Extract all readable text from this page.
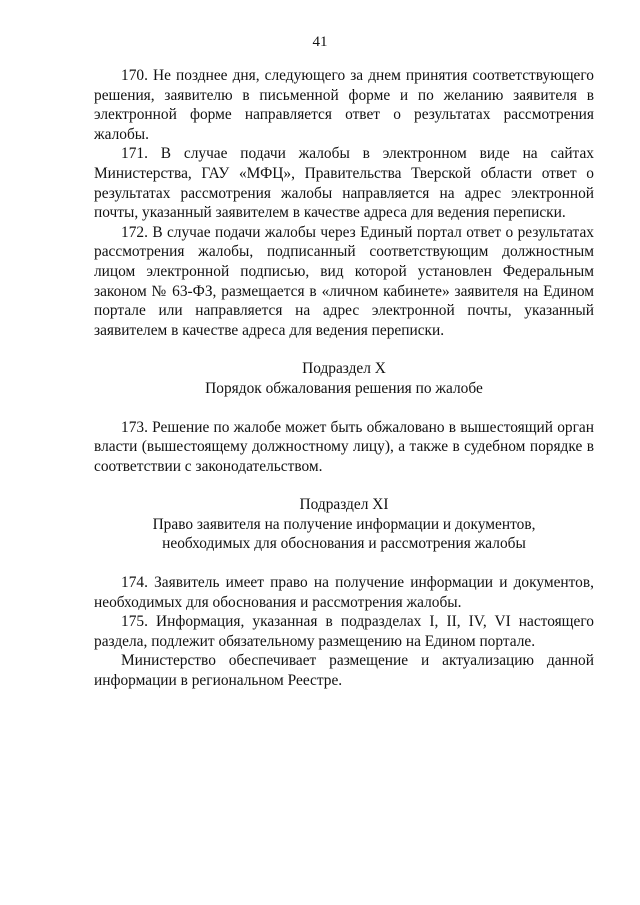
41

170. Не позднее дня, следующего за днем принятия соответствующего решения, заявителю в письменной форме и по желанию заявителя в электронной форме направляется ответ о результатах рассмотрения жалобы.

171. В случае подачи жалобы в электронном виде на сайтах Министерства, ГАУ «МФЦ», Правительства Тверской области ответ о результатах рассмотрения жалобы направляется на адрес электронной почты, указанный заявителем в качестве адреса для ведения переписки.

172. В случае подачи жалобы через Единый портал ответ о результатах рассмотрения жалобы, подписанный соответствующим должностным лицом электронной подписью, вид которой установлен Федеральным законом № 63-ФЗ, размещается в «личном кабинете» заявителя на Едином портале или направляется на адрес электронной почты, указанный заявителем в качестве адреса для ведения переписки.

Подраздел X

Порядок обжалования решения по жалобе

173. Решение по жалобе может быть обжаловано в вышестоящий орган власти (вышестоящему должностному лицу), а также в судебном порядке в соответствии с законодательством.

Подраздел XI

Право заявителя на получение информации и документов,

необходимых для обоснования и рассмотрения жалобы

174. Заявитель имеет право на получение информации и документов, необходимых для обоснования и рассмотрения жалобы.

175. Информация, указанная в подразделах I, II, IV, VI настоящего раздела, подлежит обязательному размещению на Едином портале.

Министерство обеспечивает размещение и актуализацию данной информации в региональном Реестре.
